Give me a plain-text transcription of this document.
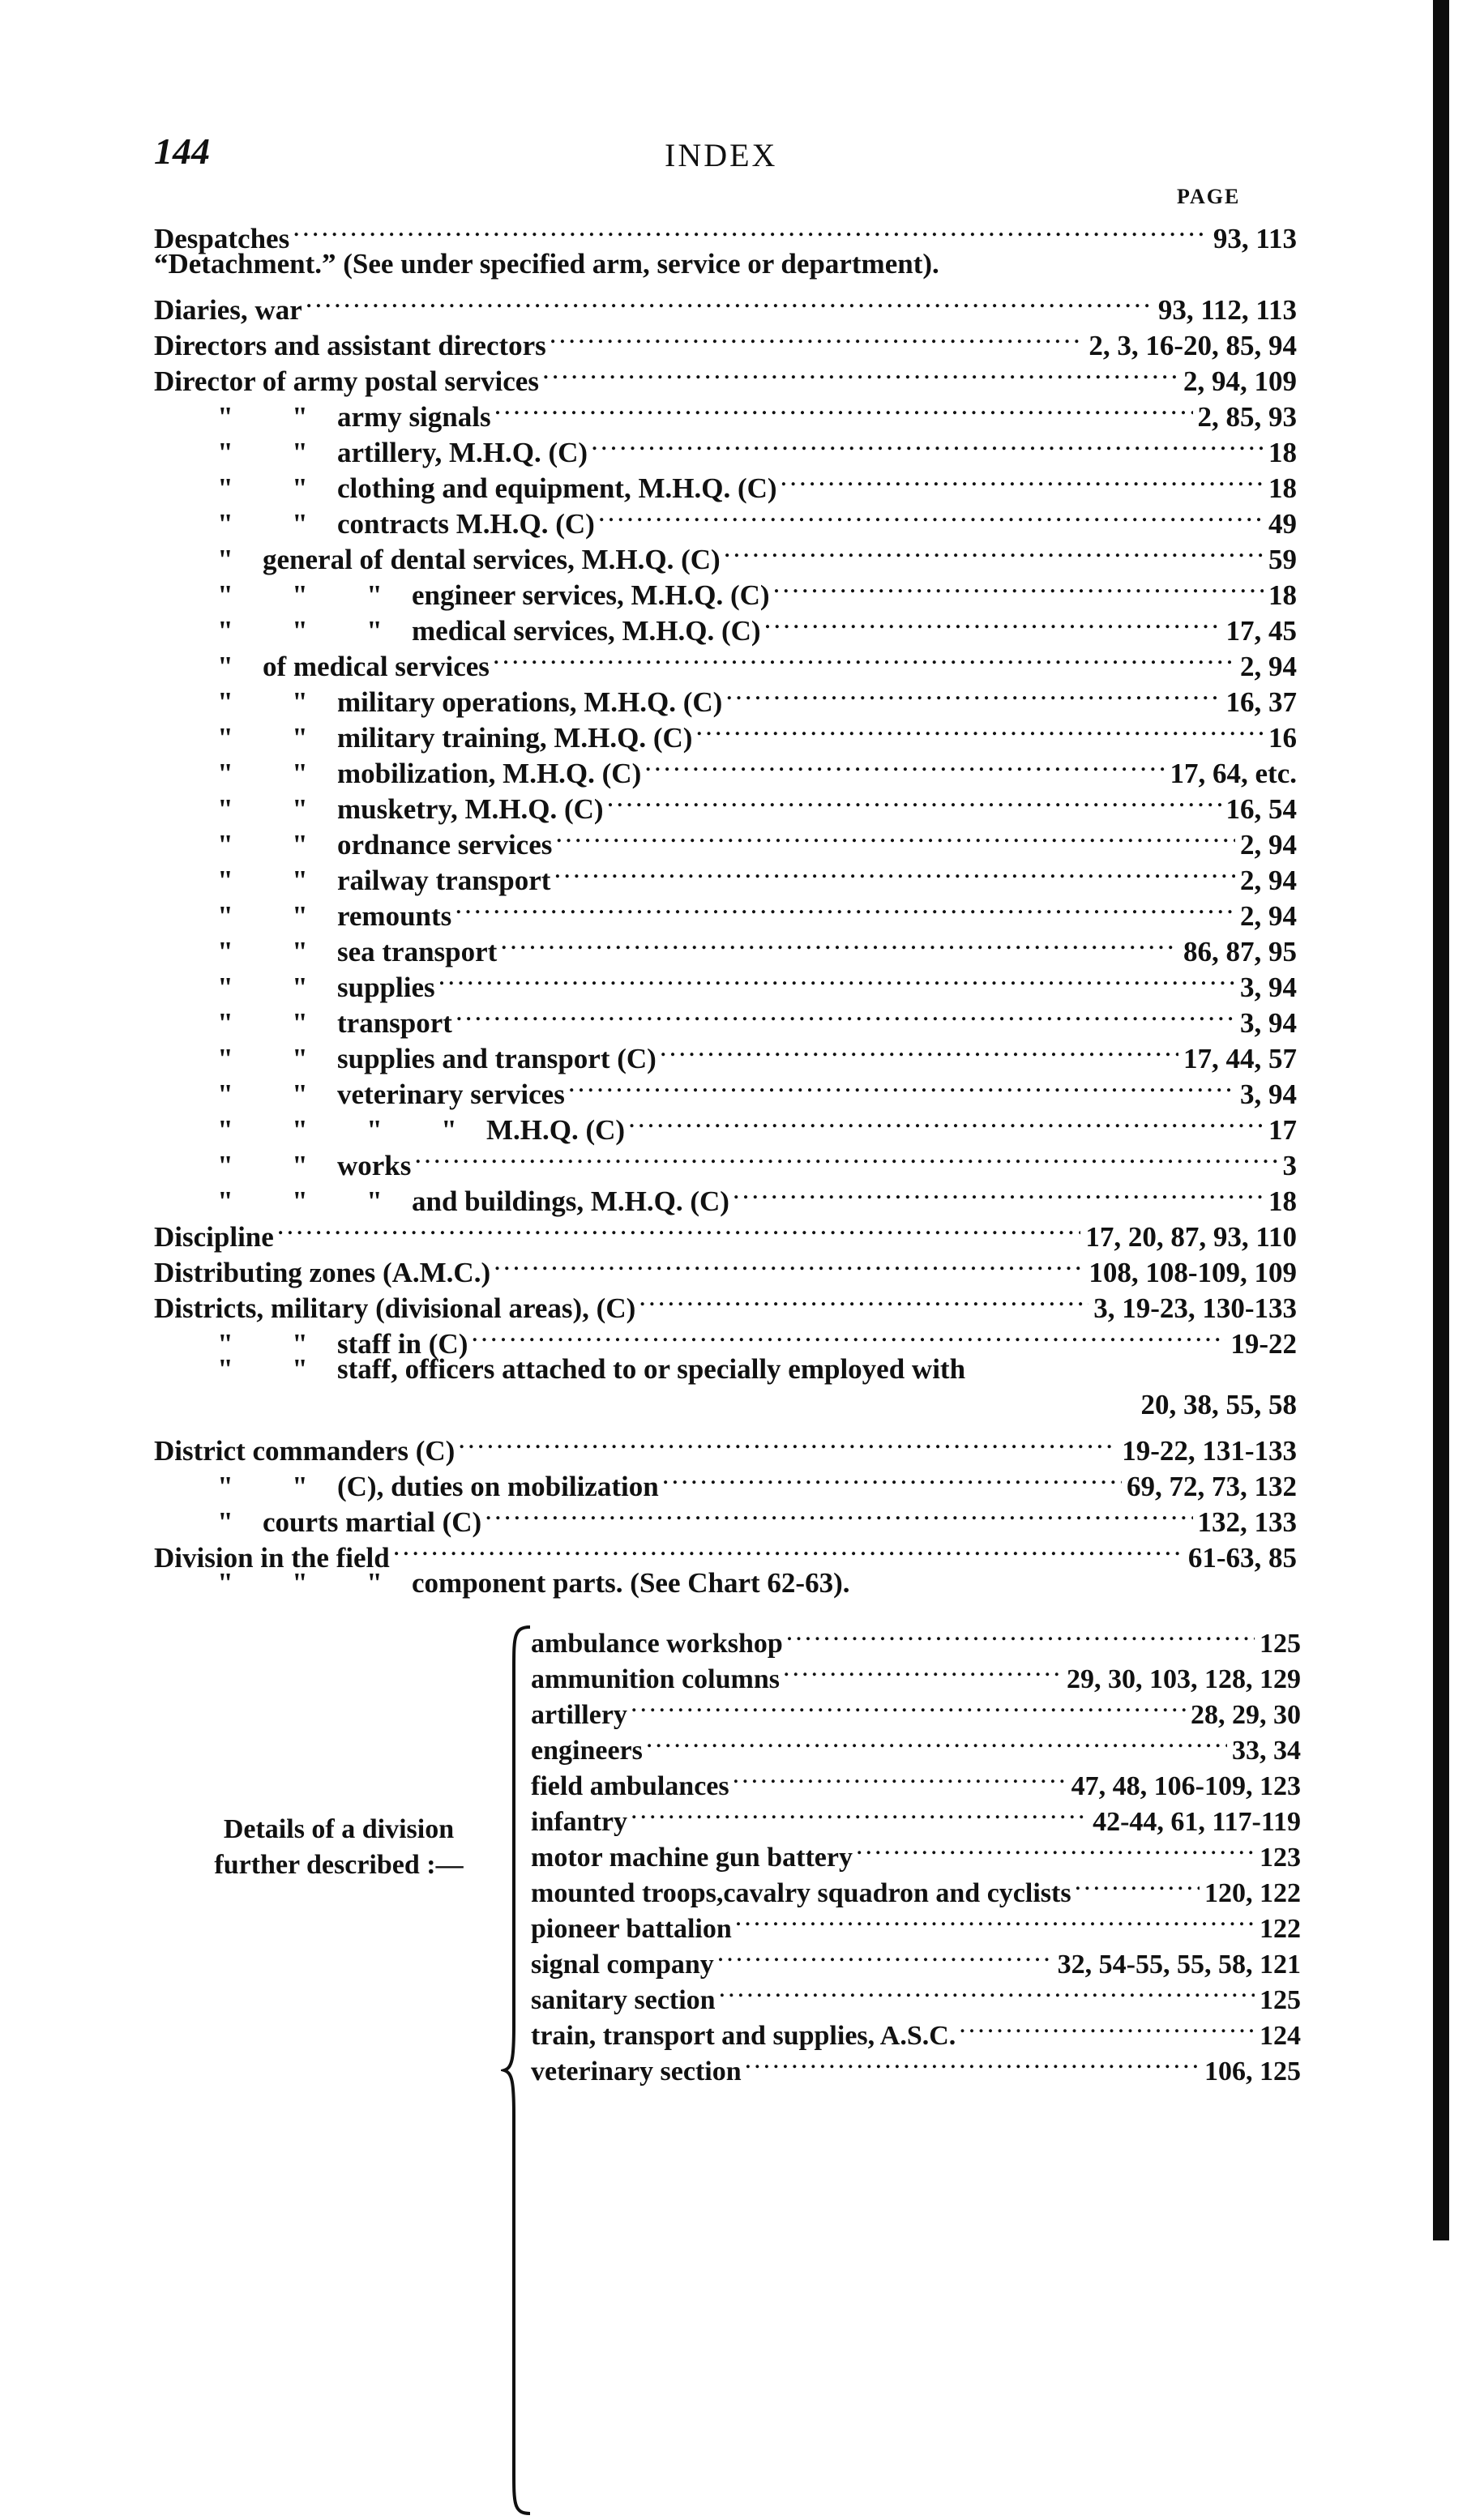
144	INDEX
PAGE
Despatches .....	93, 113
“Detachment.” (See under specified arm, service or department).
Diaries, war .....	93, 112, 113
Directors and assistant directors .....	2, 3, 16-20, 85, 94
Director of army postal services .....	2, 94, 109
"	"	army signals .....	2, 85, 93
"	"	artillery, M.H.Q. (C) .....	18
"	"	clothing and equipment, M.H.Q. (C) .....	18
"	"	contracts M.H.Q. (C) .....	49
"	general of dental services, M.H.Q. (C) .....	59
"	"	"	engineer services, M.H.Q. (C) .....	18
"	"	"	medical services, M.H.Q. (C) .....	17, 45
"	of medical services .....	2, 94
"	"	military operations, M.H.Q. (C) .....	16, 37
"	"	military training, M.H.Q. (C) .....	16
"	"	mobilization, M.H.Q. (C) .....	17, 64, etc.
"	"	musketry, M.H.Q. (C) .....	16, 54
"	"	ordnance services .....	2, 94
"	"	railway transport .....	2, 94
"	"	remounts .....	2, 94
"	"	sea transport .....	86, 87, 95
"	"	supplies .....	3, 94
"	"	transport .....	3, 94
"	"	supplies and transport (C) .....	17, 44, 57
"	"	veterinary services .....	3, 94
"	"	"	"	M.H.Q. (C) .....	17
"	"	works .....	3
"	"	"	and buildings, M.H.Q. (C) .....	18
Discipline .....	17, 20, 87, 93, 110
Distributing zones (A.M.C.) .....	108, 108-109, 109
Districts, military (divisional areas), (C) .....	3, 19-23, 130-133
"	"	staff in (C) .....	19-22
"	"	staff, officers attached to or specially employed with
20, 38, 55, 58
District commanders (C) .....	19-22, 131-133
"	"	(C), duties on mobilization .....	69, 72, 73, 132
"	courts martial (C) .....	132, 133
Division in the field .....	61-63, 85
"	"	"	component parts. (See Chart 62-63).
Details of a division
further described :—
ambulance workshop .....	125
ammunition columns .....	29, 30, 103, 128, 129
artillery .....	28, 29, 30
engineers .....	33, 34
field ambulances .....	47, 48, 106-109, 123
infantry .....	42-44, 61, 117-119
motor machine gun battery .....	123
mounted troops,cavalry squadron and cyclists .....	120, 122
pioneer battalion .....	122
signal company .....	32, 54-55, 55, 58, 121
sanitary section .....	125
train, transport and supplies, A.S.C. .....	124
veterinary section .....	106, 125
